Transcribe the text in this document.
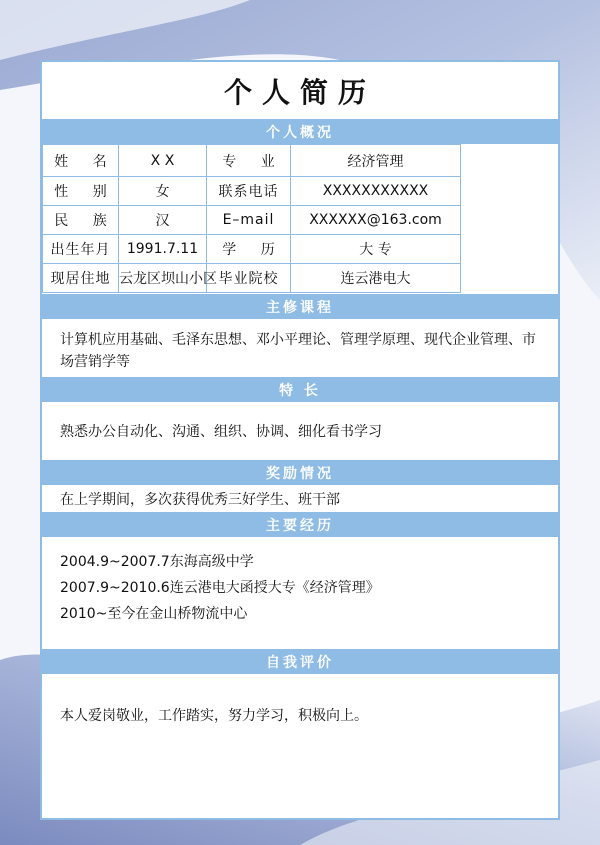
个人简历
个人概况
姓 名	X X	专 业	经济管理
性 别	女	联系电话	XXXXXXXXXXX
民 族	汉	E–mail	XXXXXX@163.com
出生年月	1991.7.11	学 历	大 专
现居住地	云龙区坝山小区	毕业院校	连云港电大
主修课程
计算机应用基础、毛泽东思想、邓小平理论、管理学原理、现代企业管理、市场营销学等
特 长
熟悉办公自动化、沟通、组织、协调、细化看书学习
奖励情况
在上学期间，多次获得优秀三好学生、班干部
主要经历
2004.9~2007.7东海高级中学
2007.9~2010.6连云港电大函授大专《经济管理》
2010~至今在金山桥物流中心
自我评价
本人爱岗敬业，工作踏实，努力学习，积极向上。
